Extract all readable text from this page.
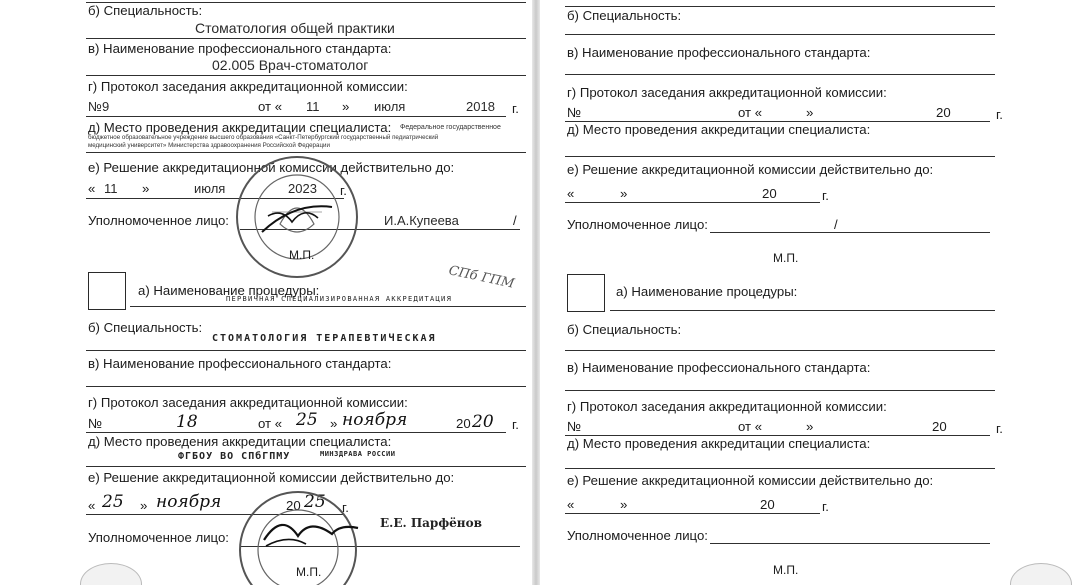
б) Специальность:
Стоматология общей практики
в) Наименование профессионального стандарта:
02.005 Врач-стоматолог
г) Протокол заседания аккредитационной комиссии:
№9	от « 11 » июля	2018 г.
д) Место проведения аккредитации специалиста: Федеральное государственное
бюджетное образовательное учреждение высшего образования «Санкт-Петербургский государственный педиатрический
медицинский университет» Министерства здравоохранения Российской Федерации
е) Решение аккредитационной комиссии действительно до:
« 11 »	июля	2023 г.
Уполномоченное лицо:	И.А.Купеева	/
М.П.
а) Наименование процедуры:
ПЕРВИЧНАЯ СПЕЦИАЛИЗИРОВАННАЯ АККРЕДИТАЦИЯ
СПб ГПМ
б) Специальность:
СТОМАТОЛОГИЯ ТЕРАПЕВТИЧЕСКАЯ
в) Наименование профессионального стандарта:
г) Протокол заседания аккредитационной комиссии:
№	18	от « 25 » ноября	20 20 г.
д) Место проведения аккредитации специалиста:
ФГБОУ ВО СПбГПМУ	МИНЗДРАВА РОССИИ
е) Решение аккредитационной комиссии действительно до:
« 25 » ноября	20 25 г.
Уполномоченное лицо:
Е.Е. Парфёнов
М.П.
б) Специальность:
в) Наименование профессионального стандарта:
г) Протокол заседания аккредитационной комиссии:
№	от «	»	20	г.
д) Место проведения аккредитации специалиста:
е) Решение аккредитационной комиссии действительно до:
«	»	20	г.
Уполномоченное лицо:	/
М.П.
а) Наименование процедуры:
б) Специальность:
в) Наименование профессионального стандарта:
г) Протокол заседания аккредитационной комиссии:
№	от «	»	20	г.
д) Место проведения аккредитации специалиста:
е) Решение аккредитационной комиссии действительно до:
«	»	20	г.
Уполномоченное лицо:
М.П.
